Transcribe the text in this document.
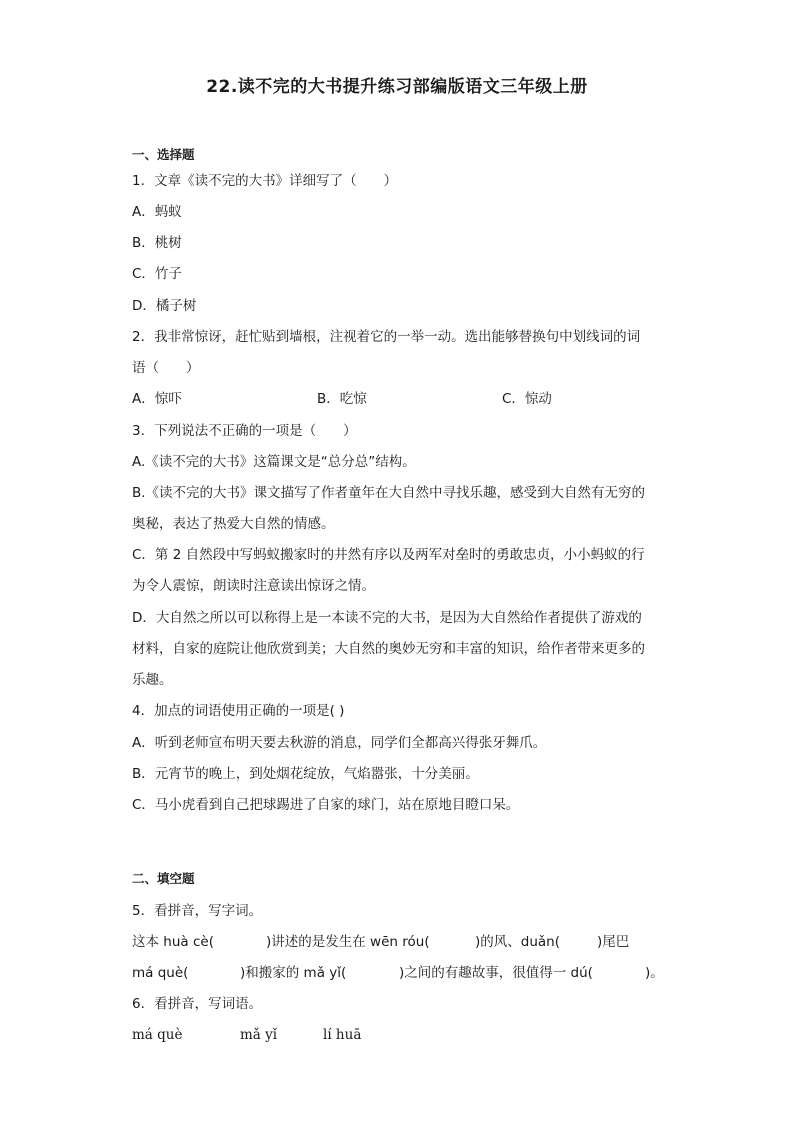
22.读不完的大书提升练习部编版语文三年级上册
一、选择题
1．文章《读不完的大书》详细写了（　　）
A．蚂蚁
B．桃树
C．竹子
D．橘子树
2．我非常惊讶，赶忙贴到墙根，注视着它的一举一动。选出能够替换句中划线词的词
语（　　）
A．惊吓	B．吃惊	C．惊动
3．下列说法不正确的一项是（　　）
A.《读不完的大书》这篇课文是“总分总”结构。
B.《读不完的大书》课文描写了作者童年在大自然中寻找乐趣，感受到大自然有无穷的
奥秘，表达了热爱大自然的情感。
C．第 2 自然段中写蚂蚁搬家时的井然有序以及两军对垒时的勇敢忠贞，小小蚂蚁的行
为令人震惊，朗读时注意读出惊讶之情。
D．大自然之所以可以称得上是一本读不完的大书，是因为大自然给作者提供了游戏的
材料，自家的庭院让他欣赏到美；大自然的奥妙无穷和丰富的知识，给作者带来更多的
乐趣。
4．加点的词语使用正确的一项是( )
A．听到老师宣布明天要去秋游的消息，同学们全都高兴得张牙舞爪。
B．元宵节的晚上，到处烟花绽放，气焰嚣张，十分美丽。
C．马小虎看到自己把球踢进了自家的球门，站在原地目瞪口呆。
二、填空题
5．看拼音，写字词。
这本 huà cè(	)讲述的是发生在 wēn róu(	)的风、duǎn(	)尾巴
má què(	)和搬家的 mǎ yǐ(	)之间的有趣故事，很值得一 dú(	)。
6．看拼音，写词语。
má què	mǎ yǐ	lí huā
